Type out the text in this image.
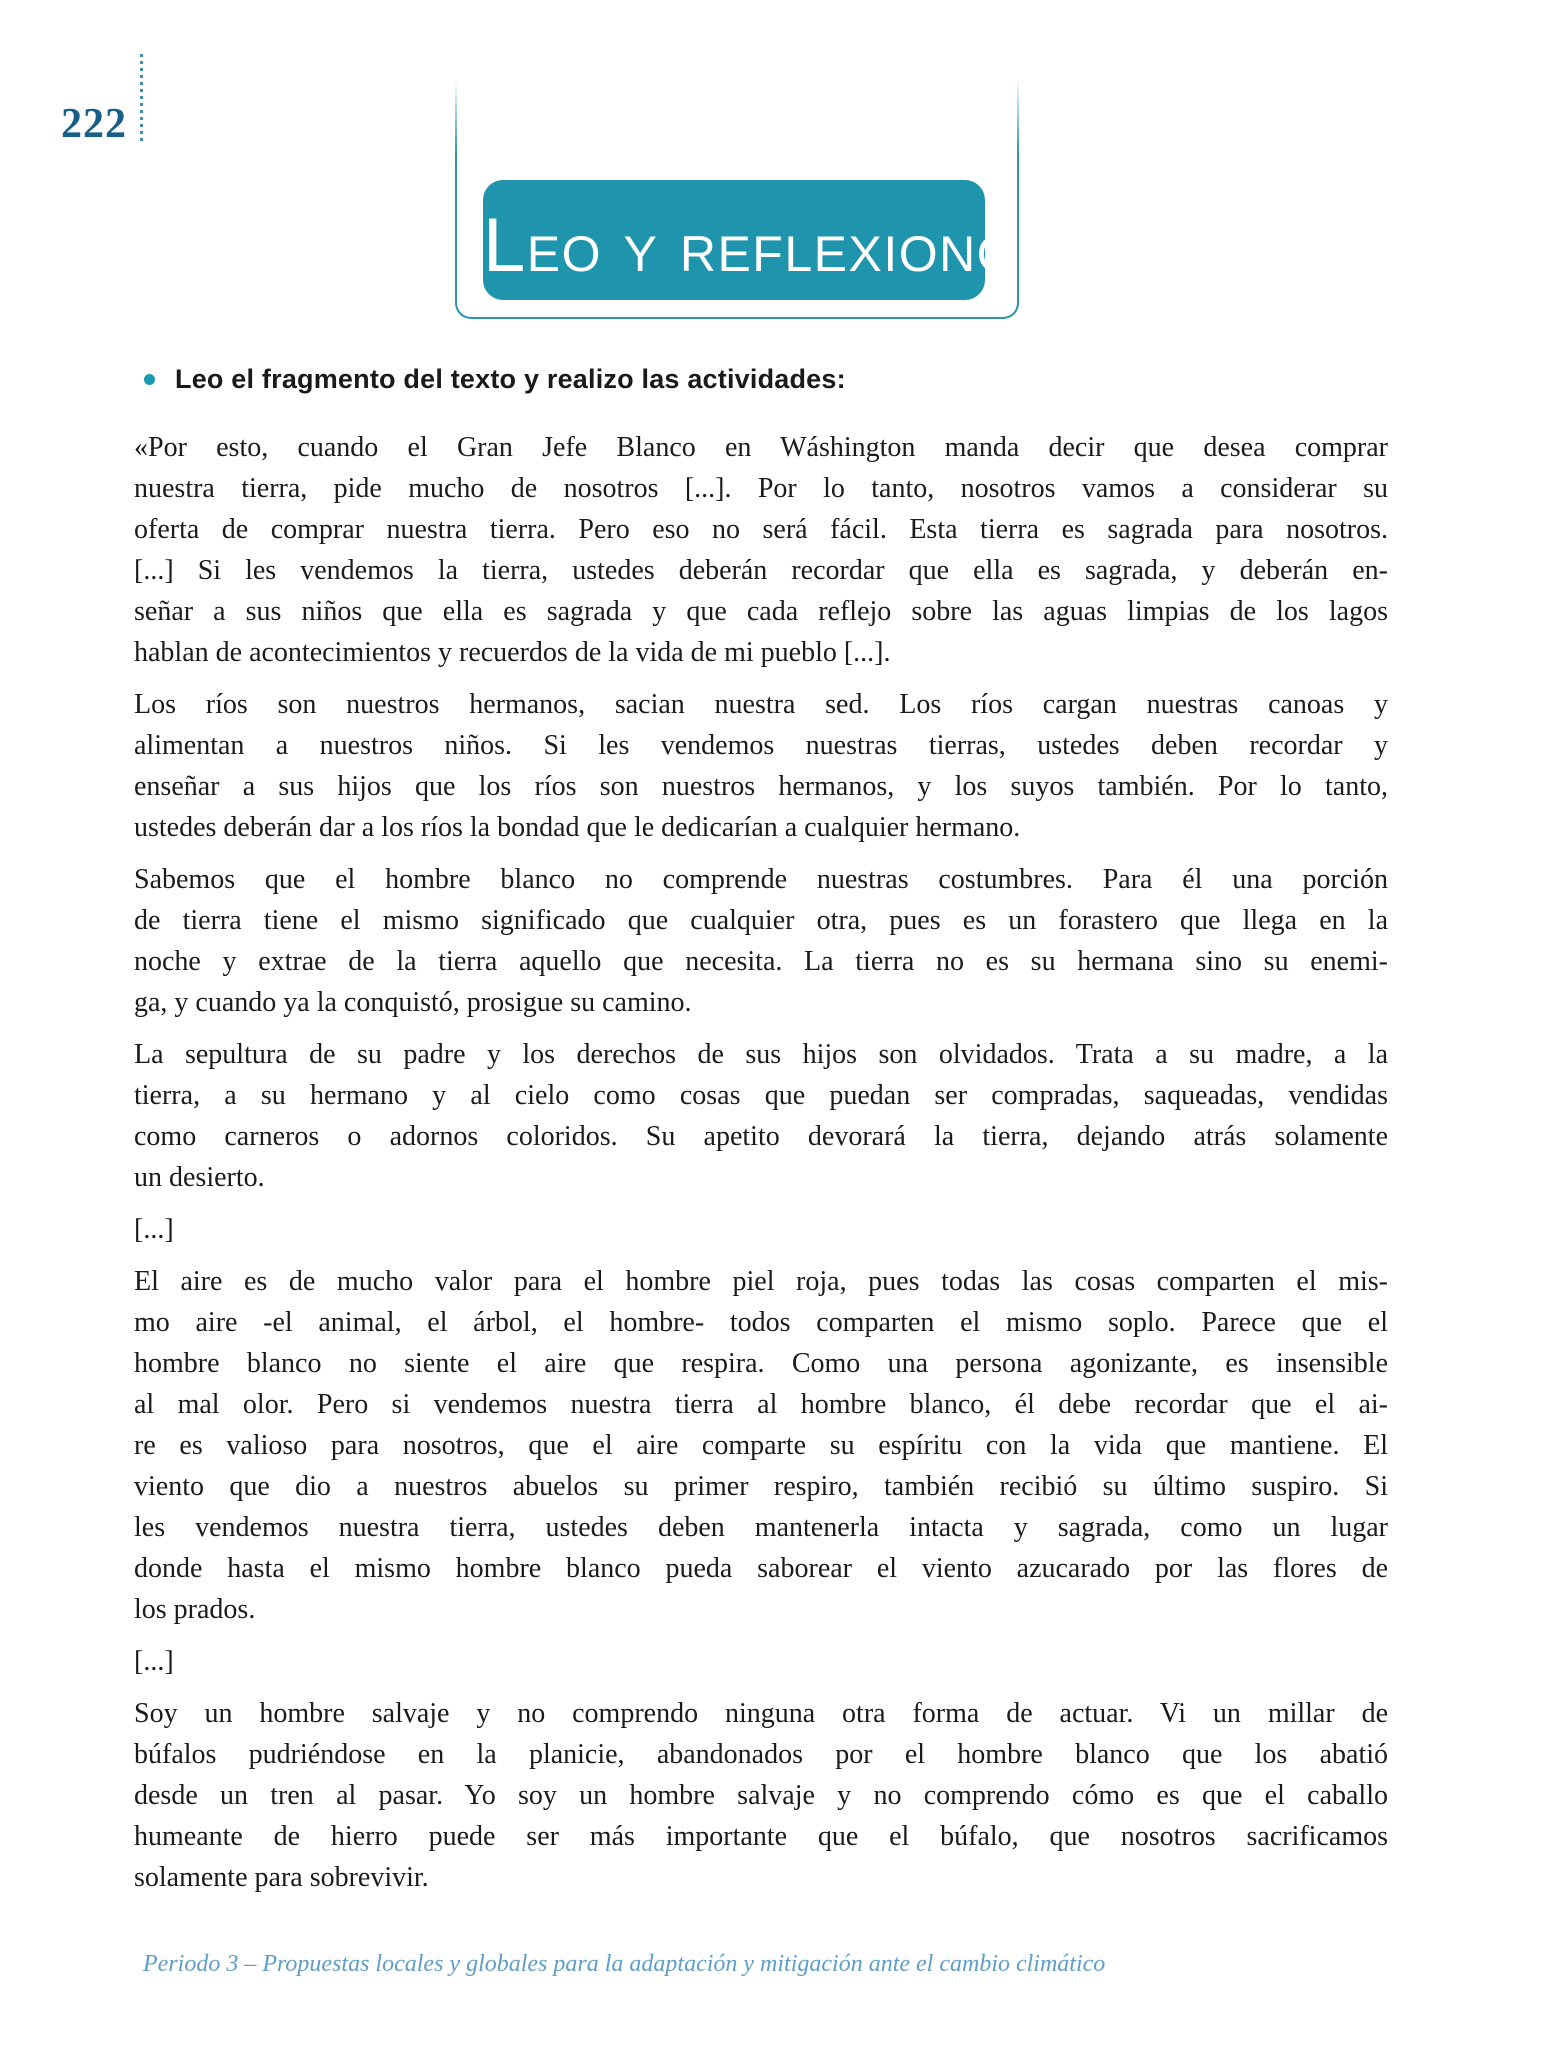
222
LEO Y REFLEXIONO
Leo el fragmento del texto y realizo las actividades:
«Por esto, cuando el Gran Jefe Blanco en Wáshington manda decir que desea comprar
nuestra tierra, pide mucho de nosotros [...]. Por lo tanto, nosotros vamos a considerar su
oferta de comprar nuestra tierra. Pero eso no será fácil. Esta tierra es sagrada para nosotros.
[...] Si les vendemos la tierra, ustedes deberán recordar que ella es sagrada, y deberán en-
señar a sus niños que ella es sagrada y que cada reflejo sobre las aguas limpias de los lagos
hablan de acontecimientos y recuerdos de la vida de mi pueblo [...].
Los ríos son nuestros hermanos, sacian nuestra sed. Los ríos cargan nuestras canoas y
alimentan a nuestros niños. Si les vendemos nuestras tierras, ustedes deben recordar y
enseñar a sus hijos que los ríos son nuestros hermanos, y los suyos también. Por lo tanto,
ustedes deberán dar a los ríos la bondad que le dedicarían a cualquier hermano.
Sabemos que el hombre blanco no comprende nuestras costumbres. Para él una porción
de tierra tiene el mismo significado que cualquier otra, pues es un forastero que llega en la
noche y extrae de la tierra aquello que necesita. La tierra no es su hermana sino su enemi-
ga, y cuando ya la conquistó, prosigue su camino.
La sepultura de su padre y los derechos de sus hijos son olvidados. Trata a su madre, a la
tierra, a su hermano y al cielo como cosas que puedan ser compradas, saqueadas, vendidas
como carneros o adornos coloridos. Su apetito devorará la tierra, dejando atrás solamente
un desierto.
[...]
El aire es de mucho valor para el hombre piel roja, pues todas las cosas comparten el mis-
mo aire -el animal, el árbol, el hombre- todos comparten el mismo soplo. Parece que el
hombre blanco no siente el aire que respira. Como una persona agonizante, es insensible
al mal olor. Pero si vendemos nuestra tierra al hombre blanco, él debe recordar que el ai-
re es valioso para nosotros, que el aire comparte su espíritu con la vida que mantiene. El
viento que dio a nuestros abuelos su primer respiro, también recibió su último suspiro. Si
les vendemos nuestra tierra, ustedes deben mantenerla intacta y sagrada, como un lugar
donde hasta el mismo hombre blanco pueda saborear el viento azucarado por las flores de
los prados.
[...]
Soy un hombre salvaje y no comprendo ninguna otra forma de actuar. Vi un millar de
búfalos pudriéndose en la planicie, abandonados por el hombre blanco que los abatió
desde un tren al pasar. Yo soy un hombre salvaje y no comprendo cómo es que el caballo
humeante de hierro puede ser más importante que el búfalo, que nosotros sacrificamos
solamente para sobrevivir.
Periodo 3 – Propuestas locales y globales para la adaptación y mitigación ante el cambio climático
